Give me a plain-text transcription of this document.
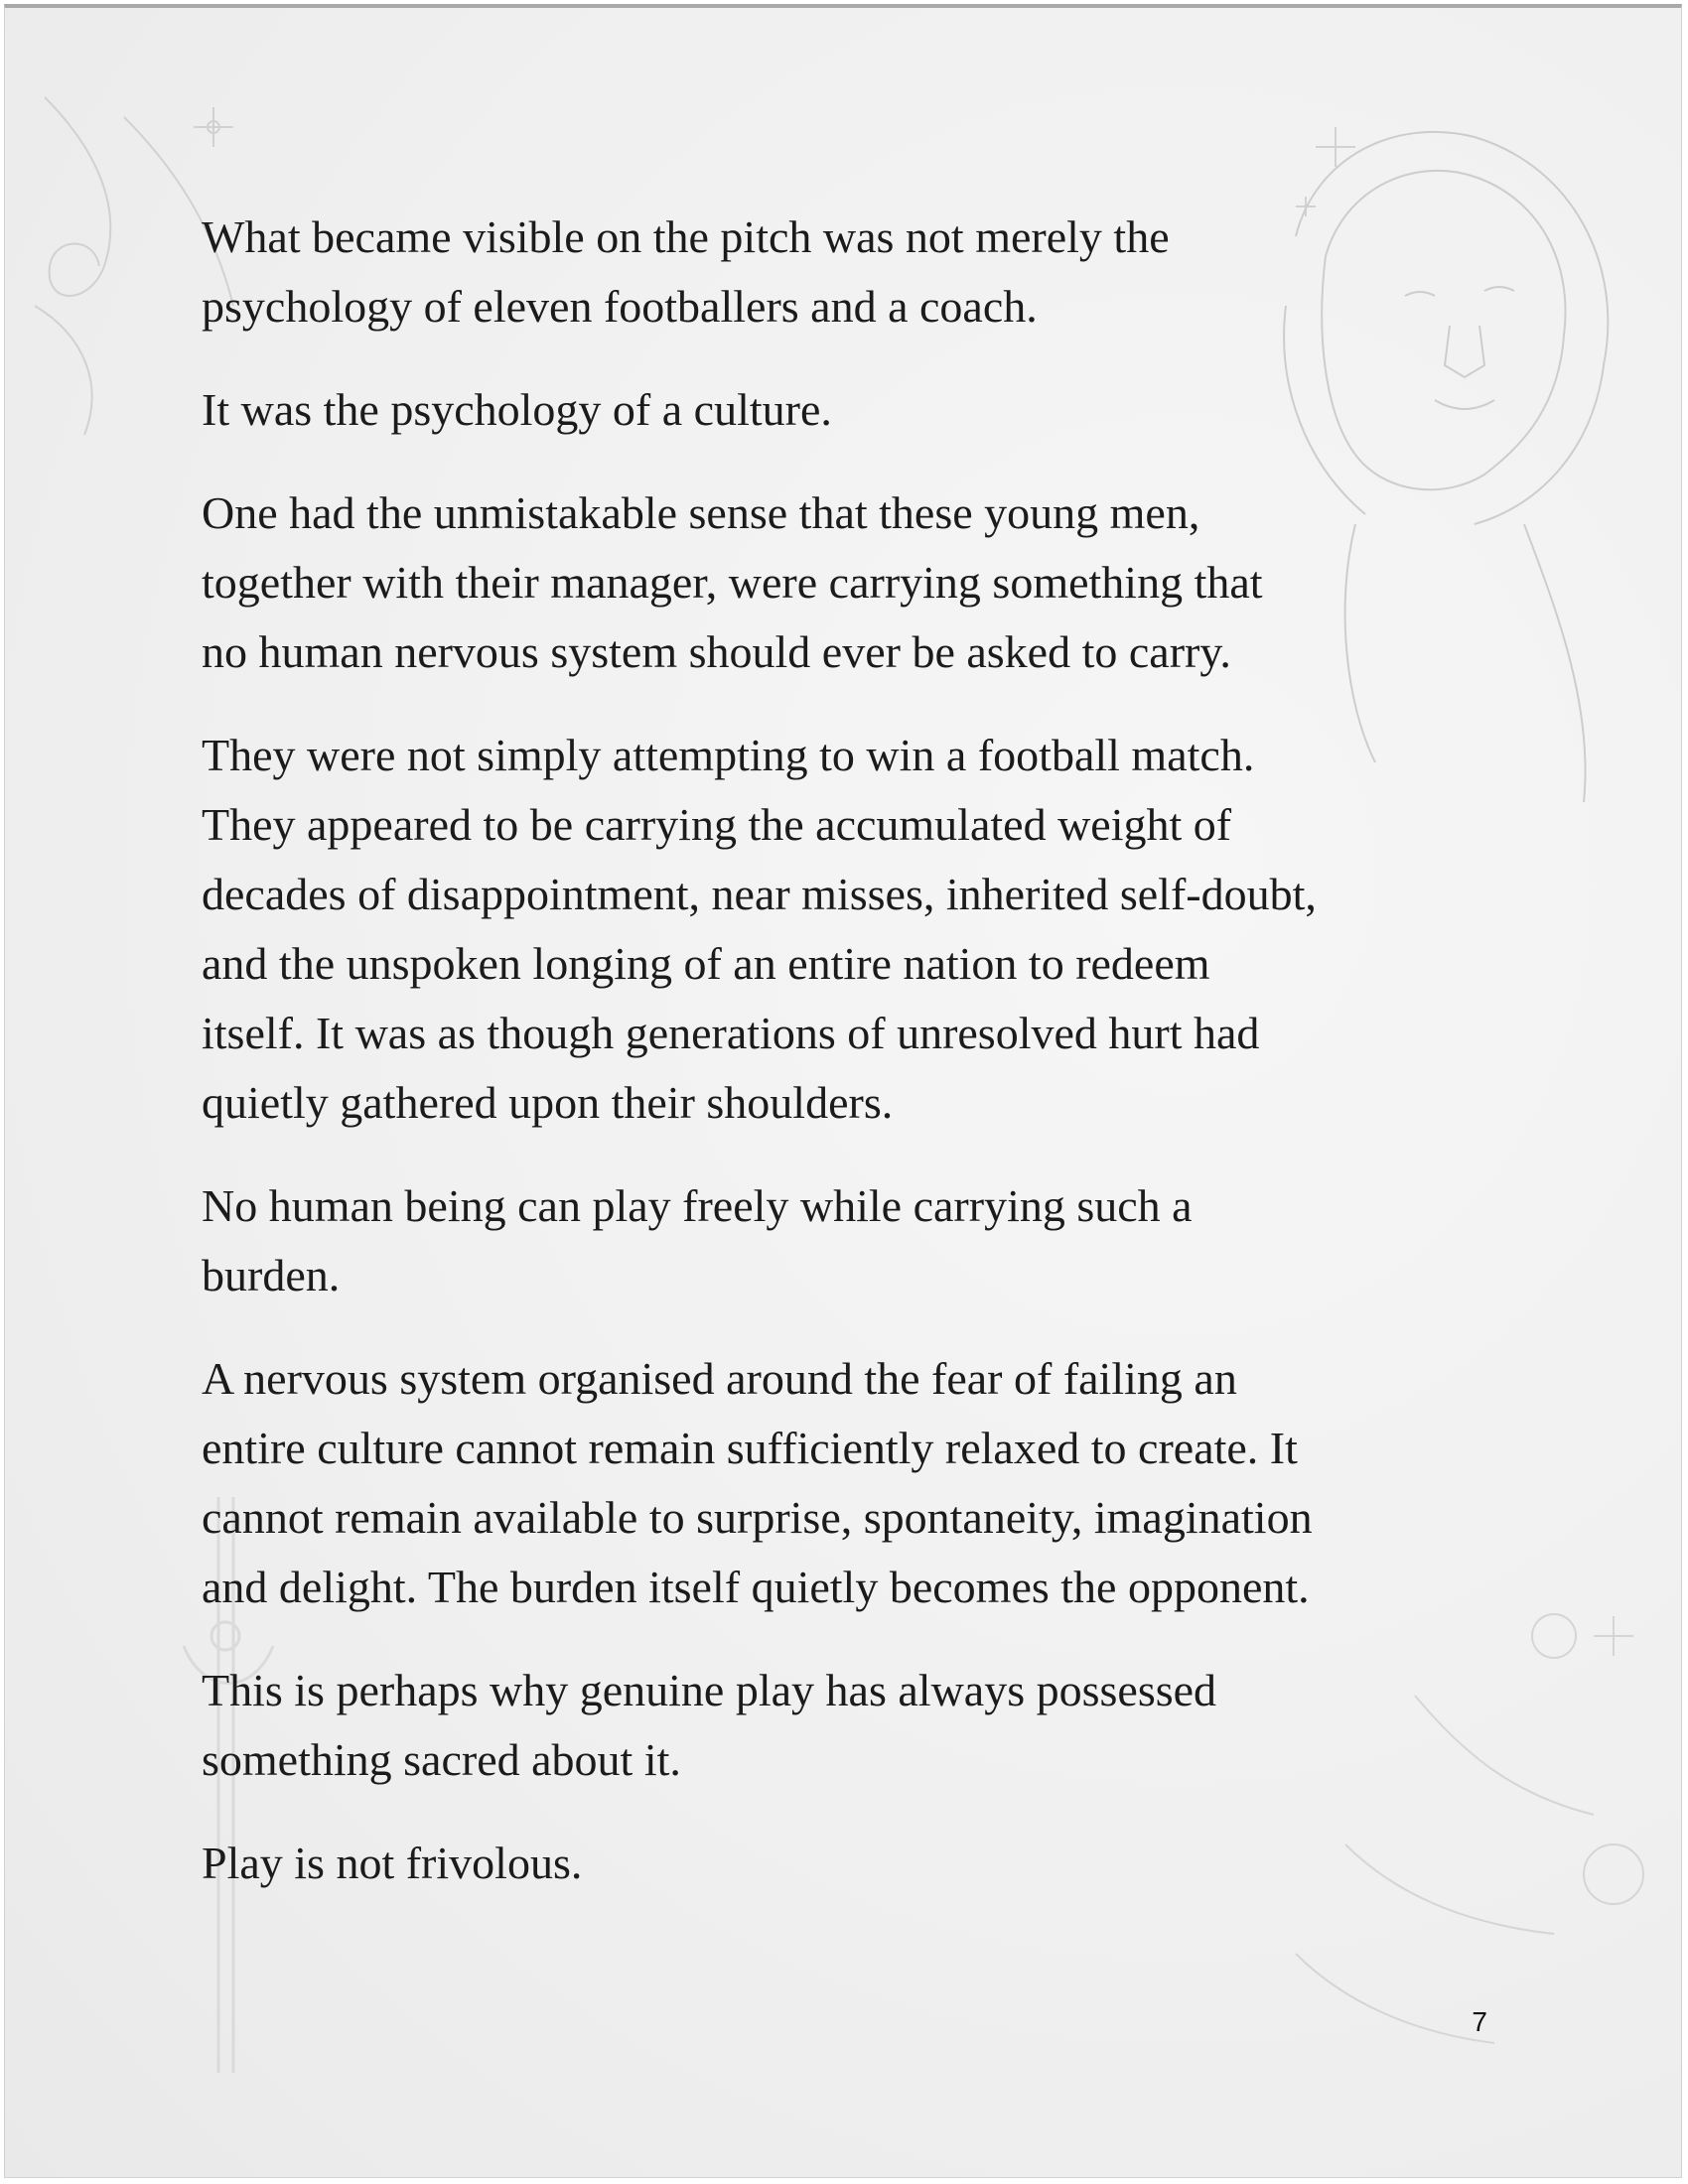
What became visible on the pitch was not merely the
psychology of eleven footballers and a coach.

It was the psychology of a culture.

One had the unmistakable sense that these young men,
together with their manager, were carrying something that
no human nervous system should ever be asked to carry.

They were not simply attempting to win a football match.
They appeared to be carrying the accumulated weight of
decades of disappointment, near misses, inherited self-doubt,
and the unspoken longing of an entire nation to redeem
itself. It was as though generations of unresolved hurt had
quietly gathered upon their shoulders.

No human being can play freely while carrying such a
burden.

A nervous system organised around the fear of failing an
entire culture cannot remain sufficiently relaxed to create. It
cannot remain available to surprise, spontaneity, imagination
and delight. The burden itself quietly becomes the opponent.

This is perhaps why genuine play has always possessed
something sacred about it.

Play is not frivolous.

7
